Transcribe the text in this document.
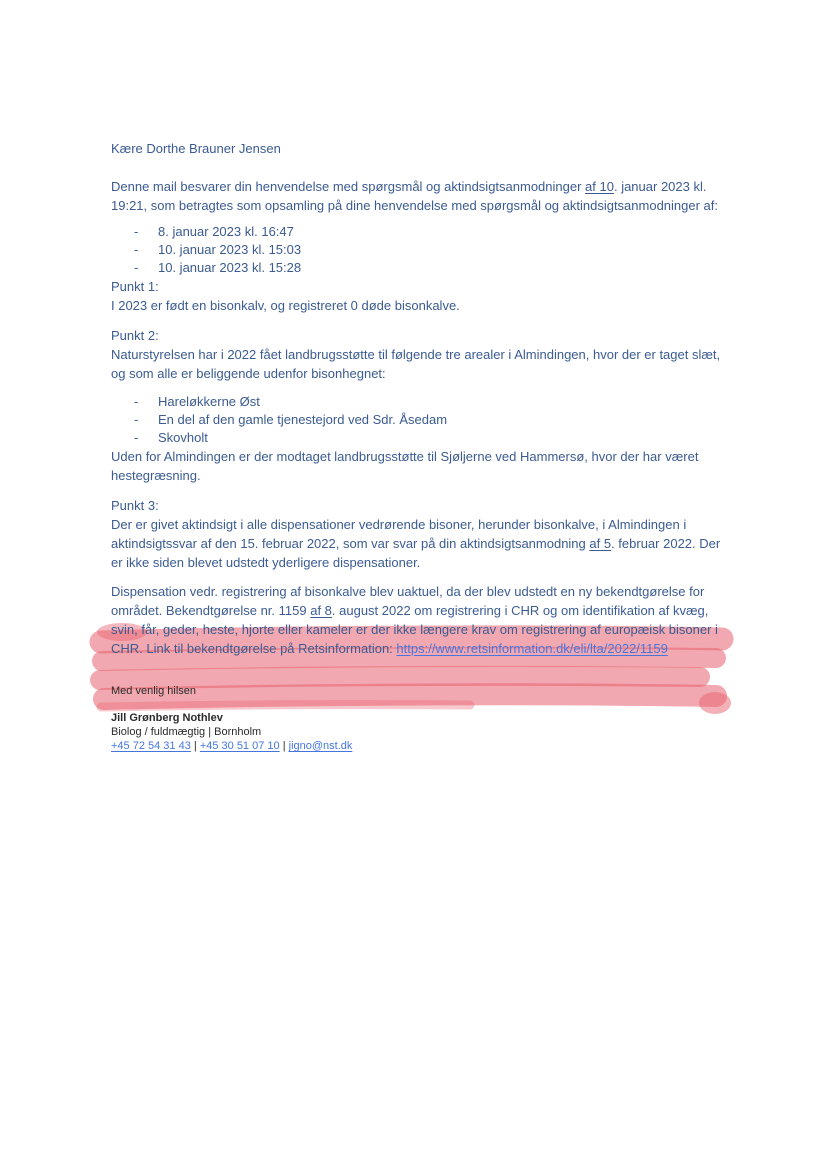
Kære Dorthe Brauner Jensen

Denne mail besvarer din henvendelse med spørgsmål og aktindsigtsanmodninger af 10. januar 2023 kl. 19:21, som betragtes som opsamling på dine henvendelse med spørgsmål og aktindsigtsanmodninger af:

-	8. januar 2023 kl. 16:47
-	10. januar 2023 kl. 15:03
-	10. januar 2023 kl. 15:28

Punkt 1:
I 2023 er født en bisonkalv, og registreret 0 døde bisonkalve.

Punkt 2:
Naturstyrelsen har i 2022 fået landbrugsstøtte til følgende tre arealer i Almindingen, hvor der er taget slæt, og som alle er beliggende udenfor bisonhegnet:

-	Hareløkkerne Øst
-	En del af den gamle tjenestejord ved Sdr. Åsedam
-	Skovholt

Uden for Almindingen er der modtaget landbrugsstøtte til Sjøljerne ved Hammersø, hvor der har været hestegræsning.

Punkt 3:
Der er givet aktindsigt i alle dispensationer vedrørende bisoner, herunder bisonkalve, i Almindingen i aktindsigtssvar af den 15. februar 2022, som var svar på din aktindsigtsanmodning af 5. februar 2022. Der er ikke siden blevet udstedt yderligere dispensationer.

Dispensation vedr. registrering af bisonkalve blev uaktuel, da der blev udstedt en ny bekendtgørelse for området. Bekendtgørelse nr. 1159 af 8. august 2022 om registrering i CHR og om identifikation af kvæg, svin, får, geder, heste, hjorte eller kameler er der ikke længere krav om registrering af europæisk bisoner i CHR. Link til bekendtgørelse på Retsinformation: https://www.retsinformation.dk/eli/lta/2022/1159

Med venlig hilsen

Jill Grønberg Nothlev

Biolog / fuldmægtig | Bornholm

+45 72 54 31 43 | +45 30 51 07 10 | jigno@nst.dk
